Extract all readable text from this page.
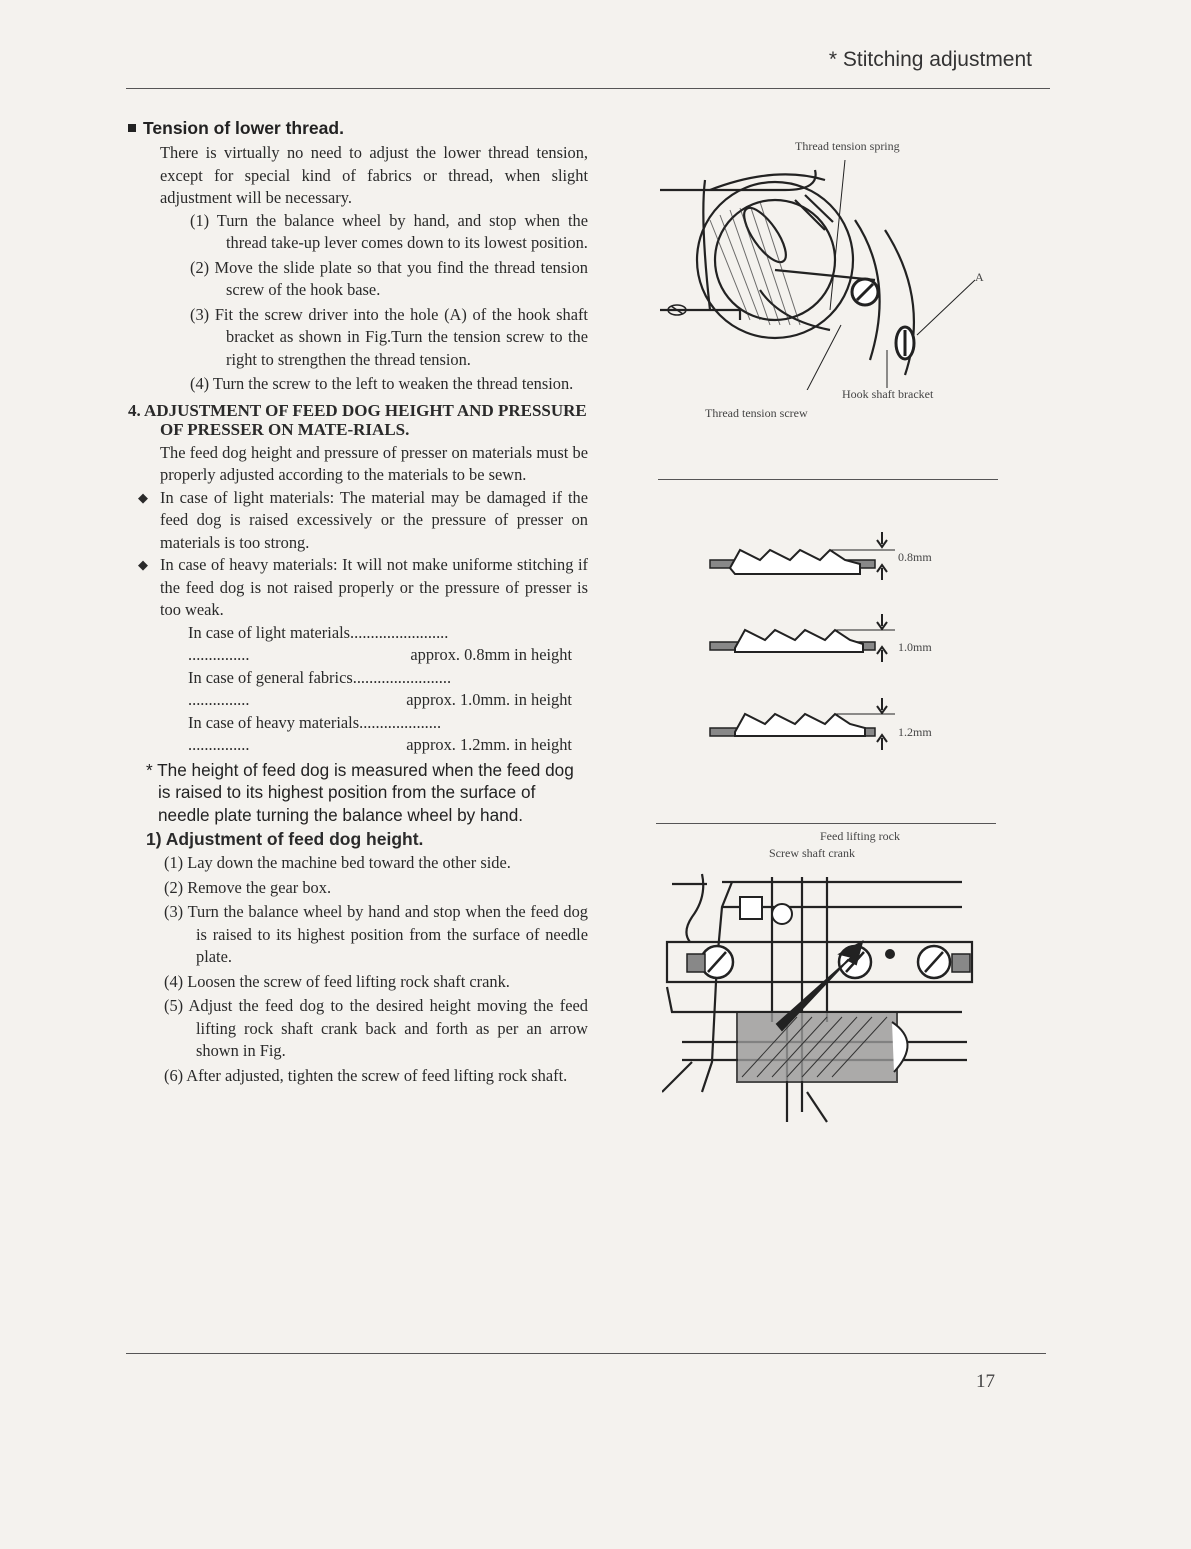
* Stitching adjustment
Tension of lower thread.

There is virtually no need to adjust the lower thread tension, except for special kind of fabrics or thread, when slight adjustment will be necessary.

(1) Turn the balance wheel by hand, and stop when the thread take-up lever comes down to its lowest position.

(2) Move the slide plate so that you find the thread tension screw of the hook base.

(3) Fit the screw driver into the hole (A) of the hook shaft bracket as shown in Fig.Turn the tension screw to the right to strengthen the thread tension.

(4) Turn the screw to the left to weaken the thread tension.

4. ADJUSTMENT OF FEED DOG HEIGHT AND PRESSURE OF PRESSER ON MATE-RIALS.

The feed dog height and pressure of presser on materials must be properly adjusted according to the materials to be sewn.

◆ In case of light materials: The material may be damaged if the feed dog is raised excessively or the pressure of presser on materials is too strong.
◆ In case of heavy materials: It will not make uniforme stitching if the feed dog is not raised properly or the pressure of presser is too weak.

In case of light materials........................

...............	approx. 0.8mm in height

In case of general fabrics........................

...............	approx. 1.0mm. in height

In case of heavy materials....................

...............	approx. 1.2mm. in height

* The height of feed dog is measured when the feed dog is raised to its highest position from the surface of needle plate turning the balance wheel by hand.

1) Adjustment of feed dog height.

(1) Lay down the machine bed toward the other side.

(2) Remove the gear box.

(3) Turn the balance wheel by hand and stop when the feed dog is raised to its highest position from the surface of needle plate.

(4) Loosen the screw of feed lifting rock shaft crank.

(5) Adjust the feed dog to the desired height moving the feed lifting rock shaft crank back and forth as per an arrow shown in Fig.

(6) After adjusted, tighten the screw of feed lifting rock shaft.

Thread tension spring
A
Hook shaft bracket
Thread tension screw
0.8mm
1.0mm
1.2mm
Feed lifting rock
Screw shaft crank
17
